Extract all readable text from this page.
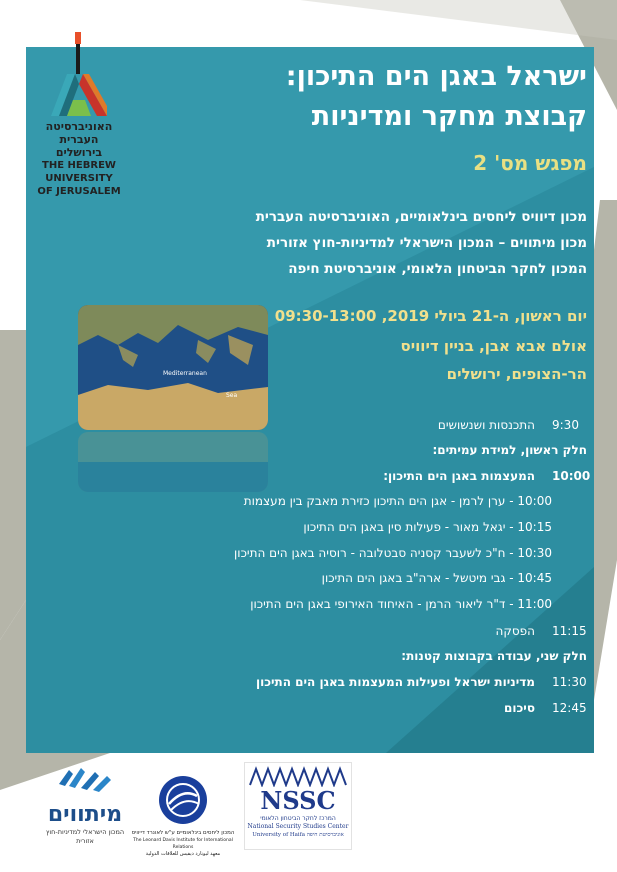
האוניברסיטה
העברית
בירושלים
THE HEBREW
UNIVERSITY
OF JERUSALEM
ישראל באגן הים התיכון:
קבוצת מחקר ומדיניות
מפגש מס' 2
מכון דיוויס ליחסים בינלאומיים, האוניברסיטה העברית
מכון מיתווים – המכון הישראלי למדיניות-חוץ אזורית
המכון לחקר הביטחון הלאומי, אוניברסיטת חיפה
יום ראשון, ה-21 ביולי 2019, 09:30-13:00
אולם אבא אבן, בניין דיוויס
הר-הצופים, ירושלים
Mediterranean
Sea
9:30
התכנסות ושנשושים
חלק ראשון, למידת עמיתים:
10:00
המעצמות באגן הים התיכון:
10:00 - ערן לרמן - אגן הים התיכון כזירת מאבק בין מעצמות
10:15 - יגאל מאור - פעילות סין באגן הים התיכון
10:30 - ח"כ לשעבר קסניה סבטלובה - רוסיה באגן הים התיכון
10:45 - גבי מיטשל - ארה"ב באגן הים התיכון
11:00 - ד"ר ליאור הרמן - האיחוד האירופי באגן הים התיכון
11:15
הפסקה
חלק שני, עבודה בקבוצות קטנות:
11:30
מדיניות ישראל ופעילות המעצמות באגן הים התיכון
12:45
סיכום
מיתווים
המכון הישראלי למדיניות-חוץ אזורית
המכון ליחסים בינלאומיים ע"ש לאונרד דייוויס
The Leonard Davis Institute for International Relations
معهد ليونارد ديفيس للعلاقات الدولية
NSSC
המרכז לחקר הביטחון הלאומי
National Security Studies Center
University of Haifa אוניברסיטת חיפה
